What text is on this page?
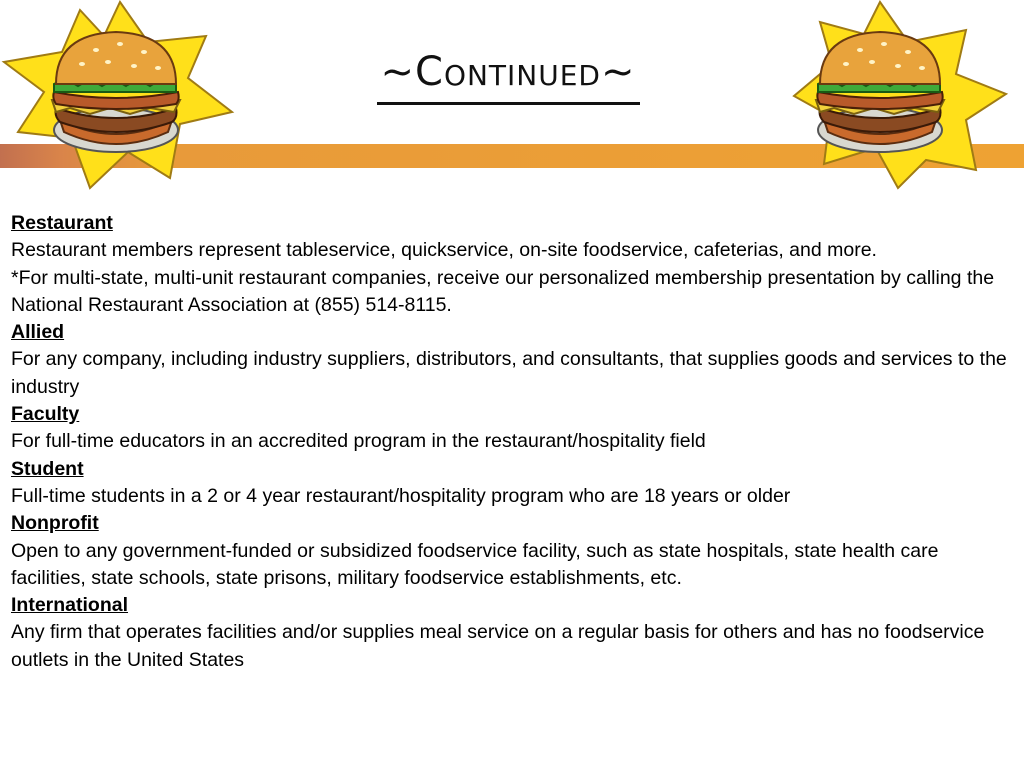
~Continued~
Restaurant
Restaurant members represent tableservice, quickservice, on-site foodservice, cafeterias, and more.
*For multi-state, multi-unit restaurant companies, receive our personalized membership presentation by calling the National Restaurant Association at (855) 514-8115.
Allied
For any company, including industry suppliers, distributors, and consultants, that supplies goods and services to the industry
Faculty
For full-time educators in an accredited program in the restaurant/hospitality field
Student
Full-time students in a 2 or 4 year restaurant/hospitality program who are 18 years or older
Nonprofit
Open to any government-funded or subsidized foodservice facility, such as state hospitals, state health care facilities, state schools, state prisons, military foodservice establishments, etc.
International
Any firm that operates facilities and/or supplies meal service on a regular basis for others and has no foodservice outlets in the United States
